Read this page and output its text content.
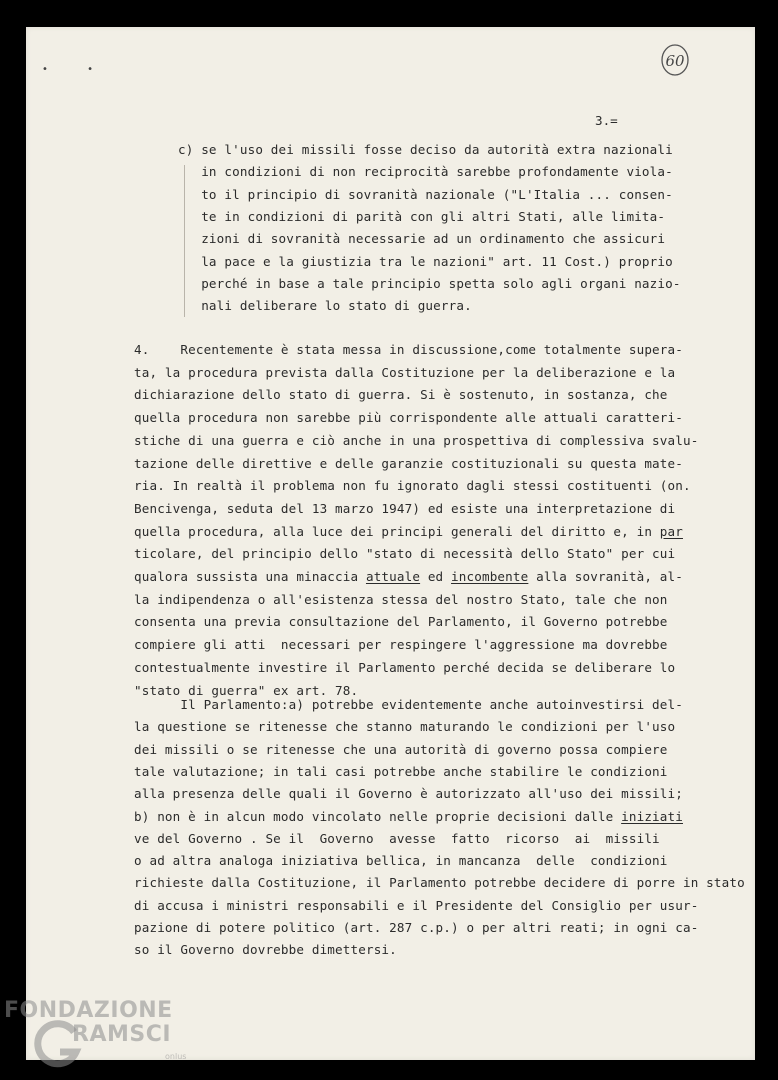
• •	60
3.=
c) se l'uso dei missili fosse deciso da autorità extra nazionali
in condizioni di non reciprocità sarebbe profondamente viola-
to il principio di sovranità nazionale ("L'Italia ... consen-
te in condizioni di parità con gli altri Stati, alle limita-
zioni di sovranità necessarie ad un ordinamento che assicuri
la pace e la giustizia tra le nazioni" art. 11 Cost.) proprio
perché in base a tale principio spetta solo agli organi nazio-
nali deliberare lo stato di guerra.
4.    Recentemente è stata messa in discussione,come totalmente supera-
ta, la procedura prevista dalla Costituzione per la deliberazione e la
dichiarazione dello stato di guerra. Si è sostenuto, in sostanza, che
quella procedura non sarebbe più corrispondente alle attuali caratteri-
stiche di una guerra e ciò anche in una prospettiva di complessiva svalu-
tazione delle direttive e delle garanzie costituzionali su questa mate-
ria. In realtà il problema non fu ignorato dagli stessi costituenti (on.
Bencivenga, seduta del 13 marzo 1947) ed esiste una interpretazione di
quella procedura, alla luce dei principi generali del diritto e, in par
ticolare, del principio dello "stato di necessità dello Stato" per cui
qualora sussista una minaccia attuale ed incombente alla sovranità, al-
la indipendenza o all'esistenza stessa del nostro Stato, tale che non
consenta una previa consultazione del Parlamento, il Governo potrebbe
compiere gli atti  necessari per respingere l'aggressione ma dovrebbe
contestualmente investire il Parlamento perché decida se deliberare lo
"stato di guerra" ex art. 78.
Il Parlamento:a) potrebbe evidentemente anche autoinvestirsi del-
la questione se ritenesse che stanno maturando le condizioni per l'uso
dei missili o se ritenesse che una autorità di governo possa compiere
tale valutazione; in tali casi potrebbe anche stabilire le condizioni
alla presenza delle quali il Governo è autorizzato all'uso dei missili;
b) non è in alcun modo vincolato nelle proprie decisioni dalle iniziati
ve del Governo . Se il  Governo  avesse  fatto  ricorso  ai  missili
o ad altra analoga iniziativa bellica, in mancanza  delle  condizioni
richieste dalla Costituzione, il Parlamento potrebbe decidere di porre in stato
di accusa i ministri responsabili e il Presidente del Consiglio per usur-
pazione di potere politico (art. 287 c.p.) o per altri reati; in ogni ca-
so il Governo dovrebbe dimettersi.
FONDAZIONE
RAMSCI
onlus
